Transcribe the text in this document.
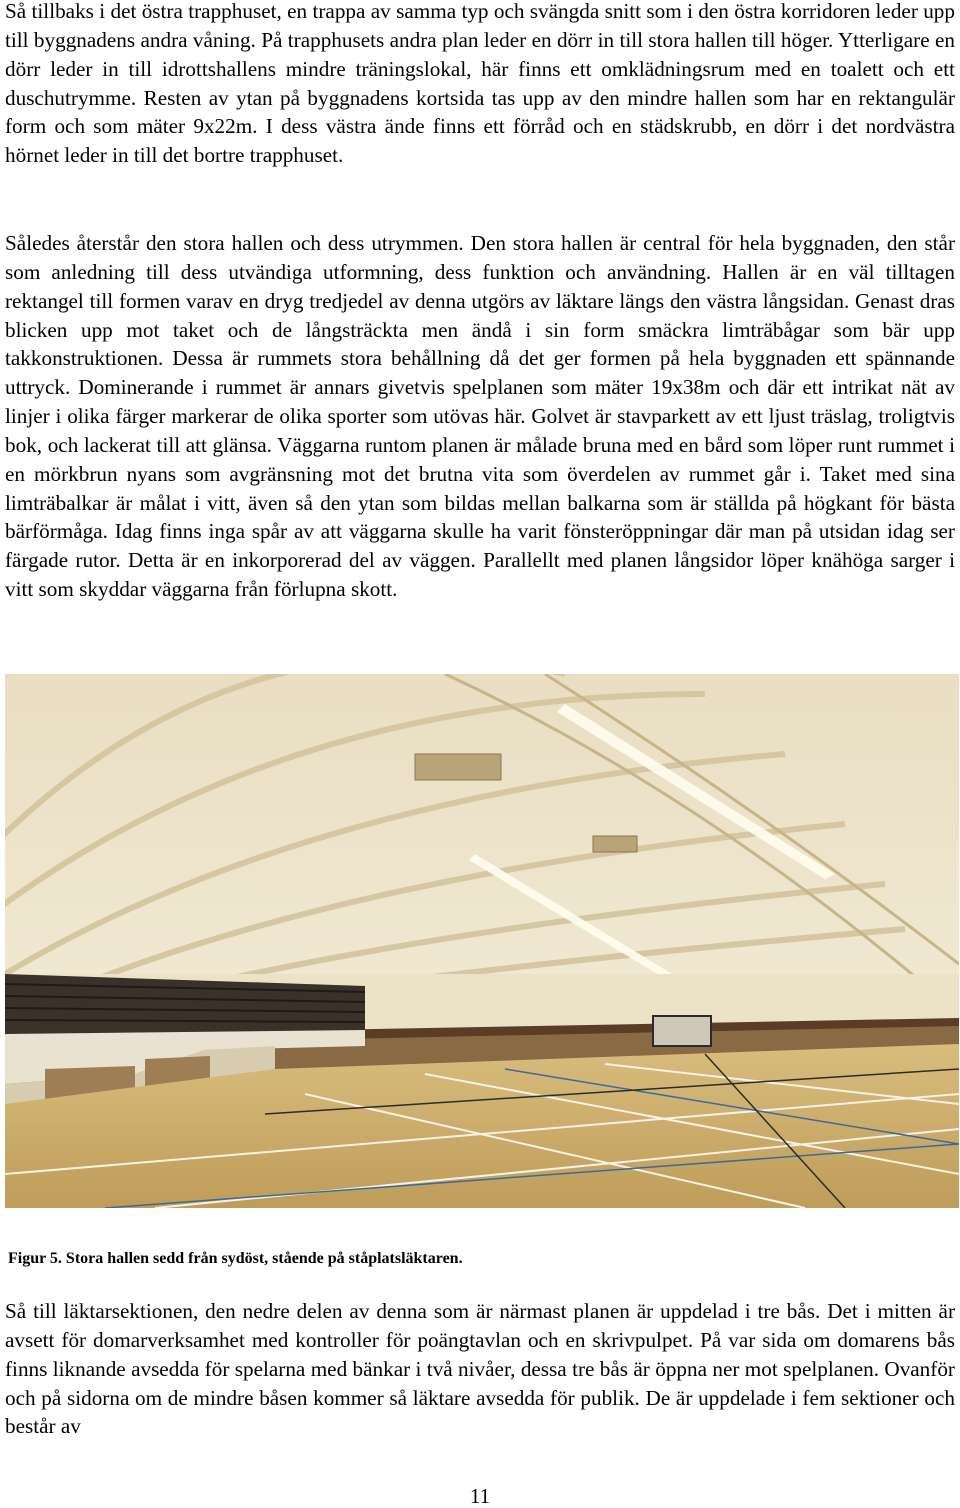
Så tillbaks i det östra trapphuset, en trappa av samma typ och svängda snitt som i den östra korridoren leder upp till byggnadens andra våning. På trapphusets andra plan leder en dörr in till stora hallen till höger. Ytterligare en dörr leder in till idrottshallens mindre träningslokal, här finns ett omklädningsrum med en toalett och ett duschutrymme. Resten av ytan på byggnadens kortsida tas upp av den mindre hallen som har en rektangulär form och som mäter 9x22m. I dess västra ände finns ett förråd och en städskrubb, en dörr i det nordvästra hörnet leder in till det bortre trapphuset.

Således återstår den stora hallen och dess utrymmen. Den stora hallen är central för hela byggnaden, den står som anledning till dess utvändiga utformning, dess funktion och användning. Hallen är en väl tilltagen rektangel till formen varav en dryg tredjedel av denna utgörs av läktare längs den västra långsidan. Genast dras blicken upp mot taket och de långsträckta men ändå i sin form smäckra limträbågar som bär upp takkonstruktionen. Dessa är rummets stora behållning då det ger formen på hela byggnaden ett spännande uttryck. Dominerande i rummet är annars givetvis spelplanen som mäter 19x38m och där ett intrikat nät av linjer i olika färger markerar de olika sporter som utövas här. Golvet är stavparkett av ett ljust träslag, troligtvis bok, och lackerat till att glänsa. Väggarna runtom planen är målade bruna med en bård som löper runt rummet i en mörkbrun nyans som avgränsning mot det brutna vita som överdelen av rummet går i. Taket med sina limträbalkar är målat i vitt, även så den ytan som bildas mellan balkarna som är ställda på högkant för bästa bärförmåga. Idag finns inga spår av att väggarna skulle ha varit fönsteröppningar där man på utsidan idag ser färgade rutor. Detta är en inkorporerad del av väggen. Parallellt med planen långsidor löper knähöga sarger i vitt som skyddar väggarna från förlupna skott.

Figur 5. Stora hallen sedd från sydöst, stående på ståplatsläktaren.

Så till läktarsektionen, den nedre delen av denna som är närmast planen är uppdelad i tre bås. Det i mitten är avsett för domarverksamhet med kontroller för poängtavlan och en skrivpulpet. På var sida om domarens bås finns liknande avsedda för spelarna med bänkar i två nivåer, dessa tre bås är öppna ner mot spelplanen. Ovanför och på sidorna om de mindre båsen kommer så läktare avsedda för publik. De är uppdelade i fem sektioner och består av

11
